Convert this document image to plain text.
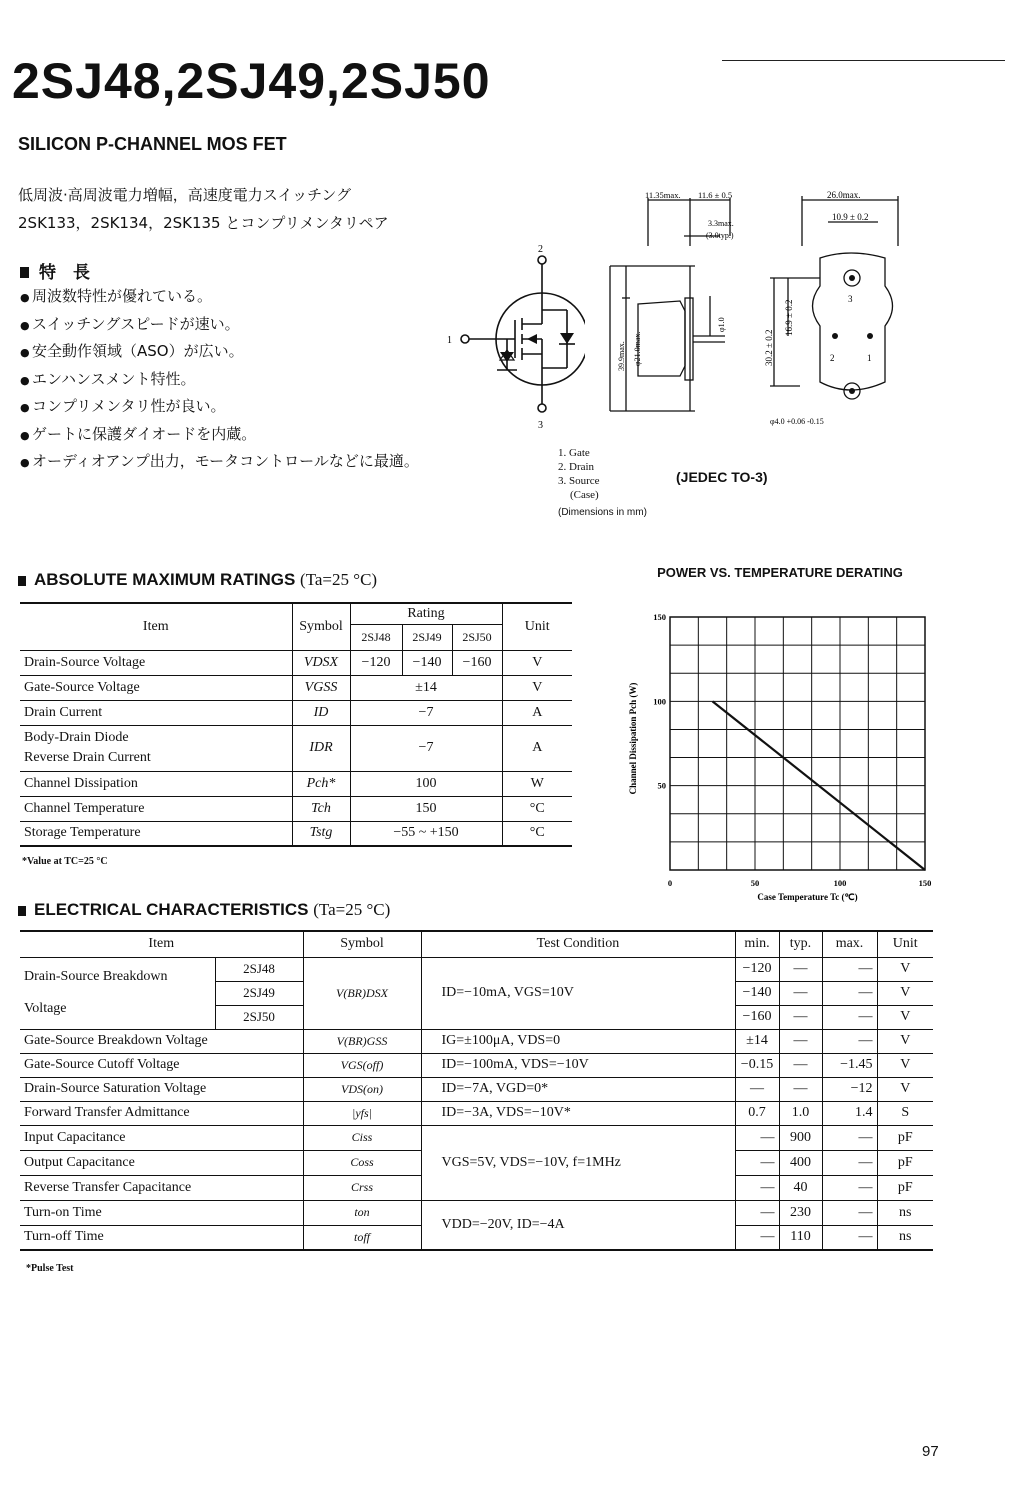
2SJ48,2SJ49,2SJ50
SILICON P-CHANNEL MOS FET
低周波·高周波電力増幅，高速度電力スイッチング
2SK133，2SK134，2SK135 とコンプリメンタリペア
特　長
● 周波数特性が優れている。
● スイッチングスピードが速い。
● 安全動作領域（ASO）が広い。
● エンハンスメント特性。
● コンプリメンタリ性が良い。
● ゲートに保護ダイオードを内蔵。
● オーディオアンプ出力，モータコントロールなどに最適。
2
1
3
11.35max. 11.6 ± 0.5
3.3max.
(3.0typ.)
39.9max. φ21.0max.
φ1.0
26.0max.
10.9 ± 0.2
16.9 ± 0.2
30.2 ± 0.2
φ4.0 +0.06 -0.15
3
2	1
1. Gate
2. Drain
3. Source
(Case)
(JEDEC TO-3)
(Dimensions in mm)
ABSOLUTE MAXIMUM RATINGS (Ta=25 °C)
Item	Symbol	Rating			Unit
		2SJ48	2SJ49	2SJ50	
Drain-Source Voltage	VDSX	−120	−140	−160	V
Gate-Source Voltage	VGSS	±14			V
Drain Current	ID	−7			A

Body-Drain Diode
Reverse Drain Current	IDR	−7			A
Channel Dissipation	Pch*	100			W
Channel Temperature	Tch	150			°C
Storage Temperature	Tstg	−55 ~ +150			°C
*Value at TC=25 °C
POWER VS. TEMPERATURE DERATING
0	50	100	150
50
100
150
Case Temperature Tc (℃)
Channel Dissipation Pch (W)
ELECTRICAL CHARACTERISTICS (Ta=25 °C)
Item		Symbol	Test Condition	min.	typ.	max.	Unit

Drain-Source Breakdown
Voltage	2SJ48	V(BR)DSX	ID=−10mA, VGS=10V	−120	—	—	V
	2SJ49			−140	—	—	V
	2SJ50			−160	—	—	V
Gate-Source Breakdown Voltage		V(BR)GSS	IG=±100μA, VDS=0	±14	—	—	V
Gate-Source Cutoff Voltage		VGS(off)	ID=−100mA, VDS=−10V	−0.15	—	−1.45	V
Drain-Source Saturation Voltage		VDS(on)	ID=−7A, VGD=0*	—	—	−12	V
Forward Transfer Admittance		|yfs|	ID=−3A, VDS=−10V*	0.7	1.0	1.4	S
Input Capacitance		Ciss	VGS=5V, VDS=−10V, f=1MHz	—	900	—	pF
Output Capacitance		Coss		—	400	—	pF
Reverse Transfer Capacitance		Crss		—	40	—	pF
Turn-on Time		ton	VDD=−20V, ID=−4A	—	230	—	ns
Turn-off Time		toff		—	110	—	ns
*Pulse Test
97
